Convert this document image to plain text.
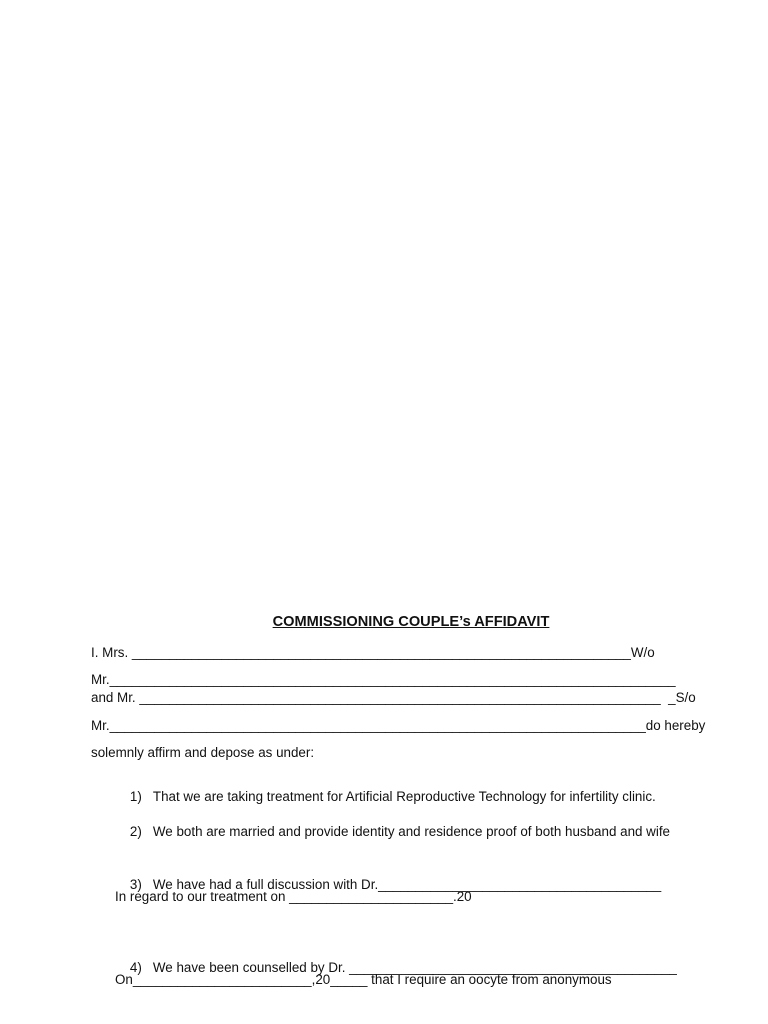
COMMISSIONING COUPLE’s AFFIDAVIT
I. Mrs. ___________________________________________________________________W/o
Mr.____________________________________________________________________________
and Mr. ______________________________________________________________________  _S/o
Mr.________________________________________________________________________do hereby
solemnly affirm and depose as under:

1) That we are taking treatment for Artificial Reproductive Technology for infertility clinic.

2) We both are married and provide identity and residence proof of both husband and wife

3) We have had a full discussion with Dr.______________________________________

In regard to our treatment on ______________________.20

4) We have been counselled by Dr. ____________________________________________

On________________________,20_____ that I require an oocyte from anonymous
